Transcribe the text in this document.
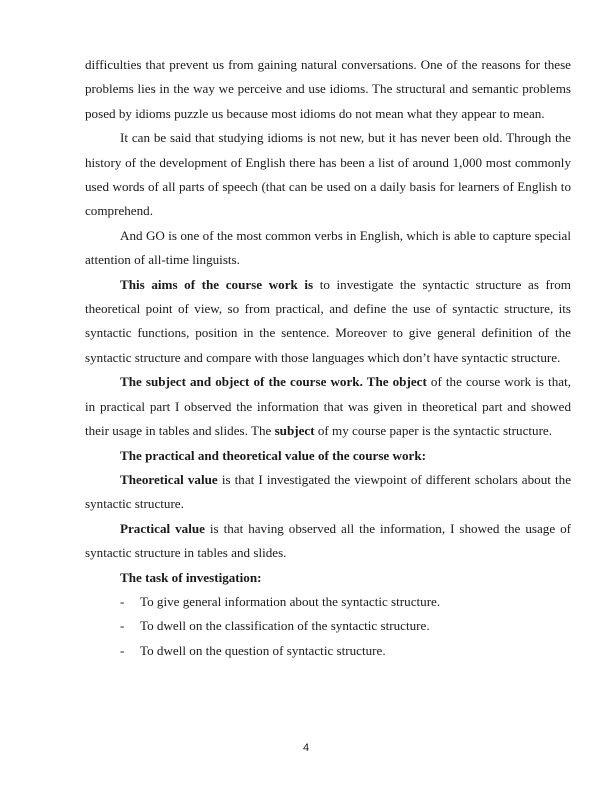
difficulties that prevent us from gaining natural conversations. One of the reasons for these problems lies in the way we perceive and use idioms. The structural and semantic problems posed by idioms puzzle us because most idioms do not mean what they appear to mean.

It can be said that studying idioms is not new, but it has never been old. Through the history of the development of English there has been a list of around 1,000 most commonly used words of all parts of speech (that can be used on a daily basis for learners of English to comprehend.

And GO is one of the most common verbs in English, which is able to capture special attention of all-time linguists.

This aims of the course work is to investigate the syntactic structure as from theoretical point of view, so from practical, and define the use of syntactic structure, its syntactic functions, position in the sentence. Moreover to give general definition of the syntactic structure and compare with those languages which don’t have syntactic structure.

The subject and object of the course work. The object of the course work is that, in practical part I observed the information that was given in theoretical part and showed their usage in tables and slides. The subject of my course paper is the syntactic structure.

The practical and theoretical value of the course work:

Theoretical value is that I investigated the viewpoint of different scholars about the syntactic structure.

Practical value is that having observed all the information, I showed the usage of syntactic structure in tables and slides.

The task of investigation:

-	To give general information about the syntactic structure.
-	To dwell on the classification of the syntactic structure.
-	To dwell on the question of syntactic structure.
4
